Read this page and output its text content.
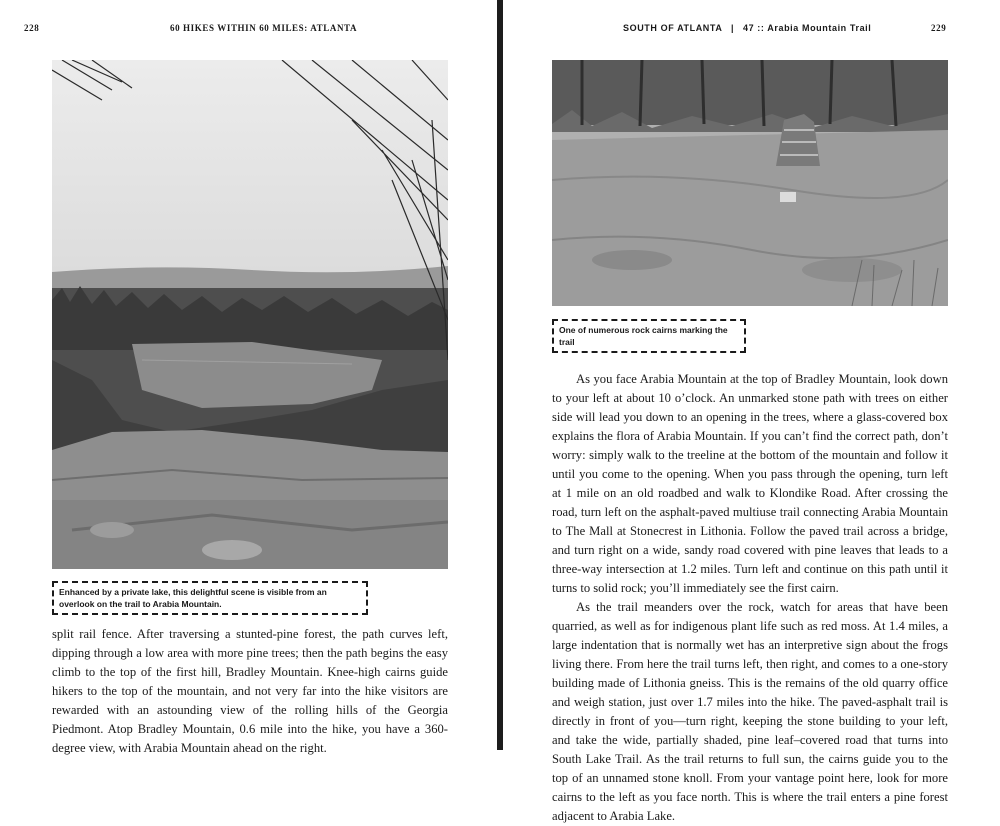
228	60 HIKES WITHIN 60 MILES: ATLANTA
Enhanced by a private lake, this delightful scene is visible from an overlook on the trail to Arabia Mountain.

split rail fence. After traversing a stunted-pine forest, the path curves left, dipping through a low area with more pine trees; then the path begins the easy climb to the top of the first hill, Bradley Mountain. Knee-high cairns guide hikers to the top of the mountain, and not very far into the hike visitors are rewarded with an astounding view of the rolling hills of the Georgia Piedmont. Atop Bradley Mountain, 0.6 mile into the hike, you have a 360-degree view, with Arabia Mountain ahead on the right.

SOUTH OF ATLANTA | 47 :: Arabia Mountain Trail	229
One of numerous rock cairns marking the trail

As you face Arabia Mountain at the top of Bradley Mountain, look down to your left at about 10 o’clock. An unmarked stone path with trees on either side will lead you down to an opening in the trees, where a glass-covered box explains the flora of Arabia Mountain. If you can’t find the correct path, don’t worry: simply walk to the treeline at the bottom of the mountain and follow it until you come to the opening. When you pass through the opening, turn left at 1 mile on an old roadbed and walk to Klondike Road. After crossing the road, turn left on the asphalt-paved multiuse trail connecting Arabia Mountain to The Mall at Stonecrest in Lithonia. Follow the paved trail across a bridge, and turn right on a wide, sandy road covered with pine leaves that leads to a three-way intersection at 1.2 miles. Turn left and continue on this path until it turns to solid rock; you’ll immediately see the first cairn.

As the trail meanders over the rock, watch for areas that have been quarried, as well as for indigenous plant life such as red moss. At 1.4 miles, a large indentation that is normally wet has an interpretive sign about the frogs living there. From here the trail turns left, then right, and comes to a one-story building made of Lithonia gneiss. This is the remains of the old quarry office and weigh station, just over 1.7 miles into the hike. The paved-asphalt trail is directly in front of you—turn right, keeping the stone building to your left, and take the wide, partially shaded, pine leaf–covered road that turns into South Lake Trail. As the trail returns to full sun, the cairns guide you to the top of an unnamed stone knoll. From your vantage point here, look for more cairns to the left as you face north. This is where the trail enters a pine forest adjacent to Arabia Lake.
